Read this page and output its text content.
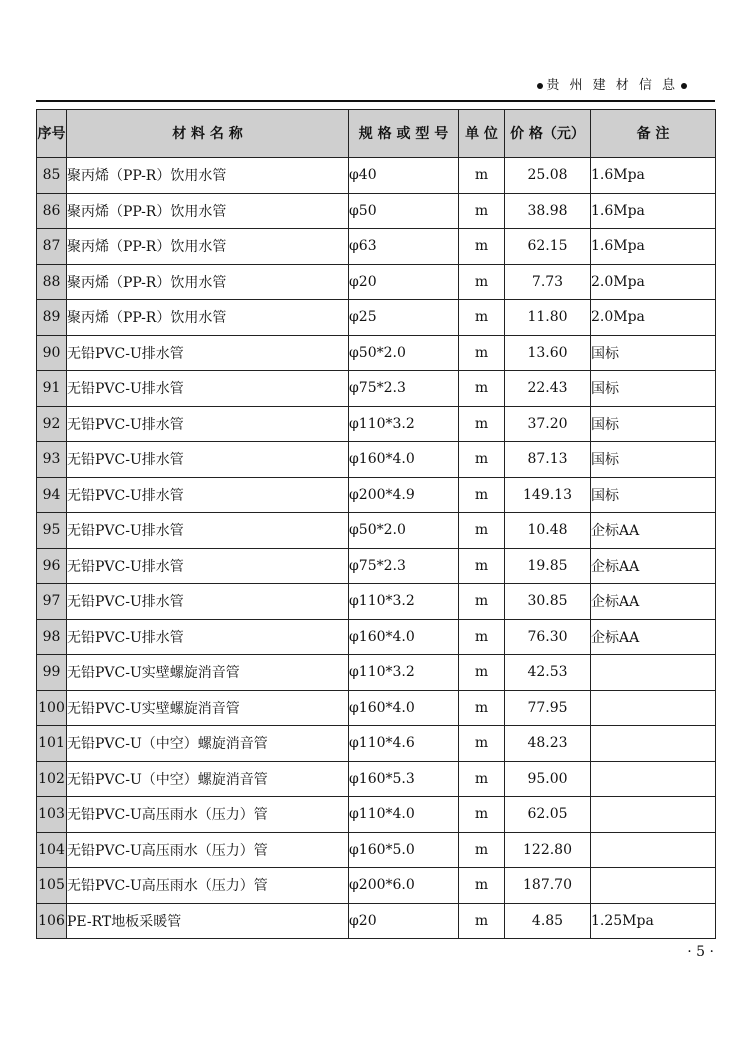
贵 州 建 材 信 息
序号	材 料 名 称	规 格 或 型 号	单 位	价 格（元）	备 注
85	聚丙烯（PP-R）饮用水管	φ40	m	25.08	1.6Mpa
86	聚丙烯（PP-R）饮用水管	φ50	m	38.98	1.6Mpa
87	聚丙烯（PP-R）饮用水管	φ63	m	62.15	1.6Mpa
88	聚丙烯（PP-R）饮用水管	φ20	m	7.73	2.0Mpa
89	聚丙烯（PP-R）饮用水管	φ25	m	11.80	2.0Mpa
90	无铅PVC-U排水管	φ50*2.0	m	13.60	国标
91	无铅PVC-U排水管	φ75*2.3	m	22.43	国标
92	无铅PVC-U排水管	φ110*3.2	m	37.20	国标
93	无铅PVC-U排水管	φ160*4.0	m	87.13	国标
94	无铅PVC-U排水管	φ200*4.9	m	149.13	国标
95	无铅PVC-U排水管	φ50*2.0	m	10.48	企标AA
96	无铅PVC-U排水管	φ75*2.3	m	19.85	企标AA
97	无铅PVC-U排水管	φ110*3.2	m	30.85	企标AA
98	无铅PVC-U排水管	φ160*4.0	m	76.30	企标AA
99	无铅PVC-U实壁螺旋消音管	φ110*3.2	m	42.53	
100	无铅PVC-U实壁螺旋消音管	φ160*4.0	m	77.95	
101	无铅PVC-U（中空）螺旋消音管	φ110*4.6	m	48.23	
102	无铅PVC-U（中空）螺旋消音管	φ160*5.3	m	95.00	
103	无铅PVC-U高压雨水（压力）管	φ110*4.0	m	62.05	
104	无铅PVC-U高压雨水（压力）管	φ160*5.0	m	122.80	
105	无铅PVC-U高压雨水（压力）管	φ200*6.0	m	187.70	
106	PE-RT地板采暖管	φ20	m	4.85	1.25Mpa
· 5 ·
